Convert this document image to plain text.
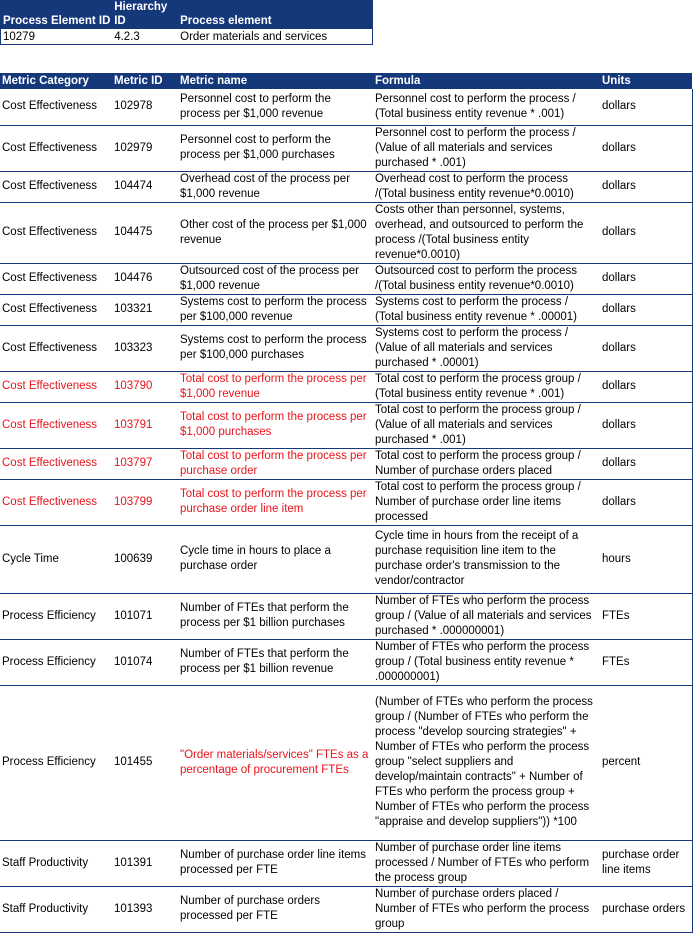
Process Element ID	Hierarchy ID	Process element
10279	4.2.3	Order materials and services
Metric Category	Metric ID	Metric name	Formula	Units
Cost Effectiveness	102978	Personnel cost to perform the process per $1,000 revenue	Personnel cost to perform the process / (Total business entity revenue * .001)	dollars
Cost Effectiveness	102979	Personnel cost to perform the process per $1,000 purchases	Personnel cost to perform the process / (Value of all materials and services purchased * .001)	dollars
Cost Effectiveness	104474	Overhead cost of the process per $1,000 revenue	Overhead cost to perform the process /(Total business entity revenue*0.0010)	dollars
Cost Effectiveness	104475	Other cost of the process per $1,000 revenue	Costs other than personnel, systems, overhead, and outsourced to perform the process /(Total business entity revenue*0.0010)	dollars
Cost Effectiveness	104476	Outsourced cost of the process per $1,000 revenue	Outsourced cost to perform the process /(Total business entity revenue*0.0010)	dollars
Cost Effectiveness	103321	Systems cost to perform the process per $100,000 revenue	Systems cost to perform the process / (Total business entity revenue * .00001)	dollars
Cost Effectiveness	103323	Systems cost to perform the process per $100,000 purchases	Systems cost to perform the process / (Value of all materials and services purchased * .00001)	dollars
Cost Effectiveness	103790	Total cost to perform the process per $1,000 revenue	Total cost to perform the process group / (Total business entity revenue * .001)	dollars
Cost Effectiveness	103791	Total cost to perform the process per $1,000 purchases	Total cost to perform the process group / (Value of all materials and services purchased * .001)	dollars
Cost Effectiveness	103797	Total cost to perform the process per purchase order	Total cost to perform the process group / Number of purchase orders placed	dollars
Cost Effectiveness	103799	Total cost to perform the process per purchase order line item	Total cost to perform the process group / Number of purchase order line items processed	dollars
Cycle Time	100639	Cycle time in hours to place a purchase order	Cycle time in hours from the receipt of a purchase requisition line item to the purchase order's transmission to the vendor/contractor	hours
Process Efficiency	101071	Number of FTEs that perform the process per $1 billion purchases	Number of FTEs who perform the process group / (Value of all materials and services purchased * .000000001)	FTEs
Process Efficiency	101074	Number of FTEs that perform the process per $1 billion revenue	Number of FTEs who perform the process group / (Total business entity revenue * .000000001)	FTEs
Process Efficiency	101455	"Order materials/services" FTEs as a percentage of procurement FTEs	(Number of FTEs who perform the process group / (Number of FTEs who perform the process "develop sourcing strategies" + Number of FTEs who perform the process group "select suppliers and develop/maintain contracts" + Number of FTEs who perform the process group + Number of FTEs who perform the process "appraise and develop suppliers")) *100	percent
Staff Productivity	101391	Number of purchase order line items processed per FTE	Number of purchase order line items processed / Number of FTEs who perform the process group	purchase order line items
Staff Productivity	101393	Number of purchase orders processed per FTE	Number of purchase orders placed / Number of FTEs who perform the process group	purchase orders
